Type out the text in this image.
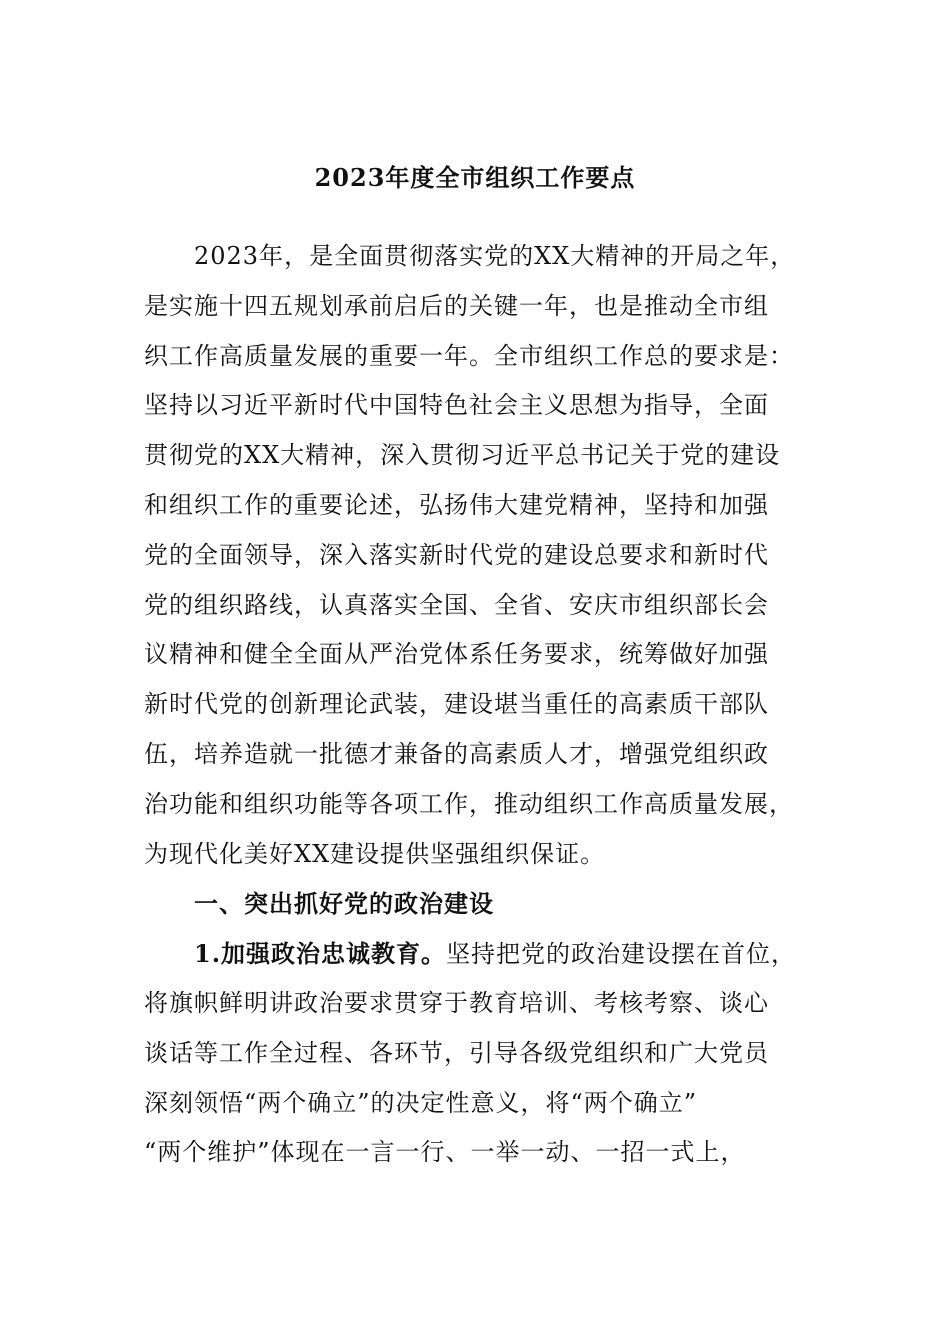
2023年度全市组织工作要点
2023年，是全面贯彻落实党的XX大精神的开局之年，
是实施十四五规划承前启后的关键一年，也是推动全市组
织工作高质量发展的重要一年。全市组织工作总的要求是：
坚持以习近平新时代中国特色社会主义思想为指导，全面
贯彻党的XX大精神，深入贯彻习近平总书记关于党的建设
和组织工作的重要论述，弘扬伟大建党精神，坚持和加强
党的全面领导，深入落实新时代党的建设总要求和新时代
党的组织路线，认真落实全国、全省、安庆市组织部长会
议精神和健全全面从严治党体系任务要求，统筹做好加强
新时代党的创新理论武装，建设堪当重任的高素质干部队
伍，培养造就一批德才兼备的高素质人才，增强党组织政
治功能和组织功能等各项工作，推动组织工作高质量发展，
为现代化美好XX建设提供坚强组织保证。
一、突出抓好党的政治建设
1.加强政治忠诚教育。坚持把党的政治建设摆在首位，
将旗帜鲜明讲政治要求贯穿于教育培训、考核考察、谈心
谈话等工作全过程、各环节，引导各级党组织和广大党员
深刻领悟“两个确立”的决定性意义，将“两个确立”
“两个维护”体现在一言一行、一举一动、一招一式上，
